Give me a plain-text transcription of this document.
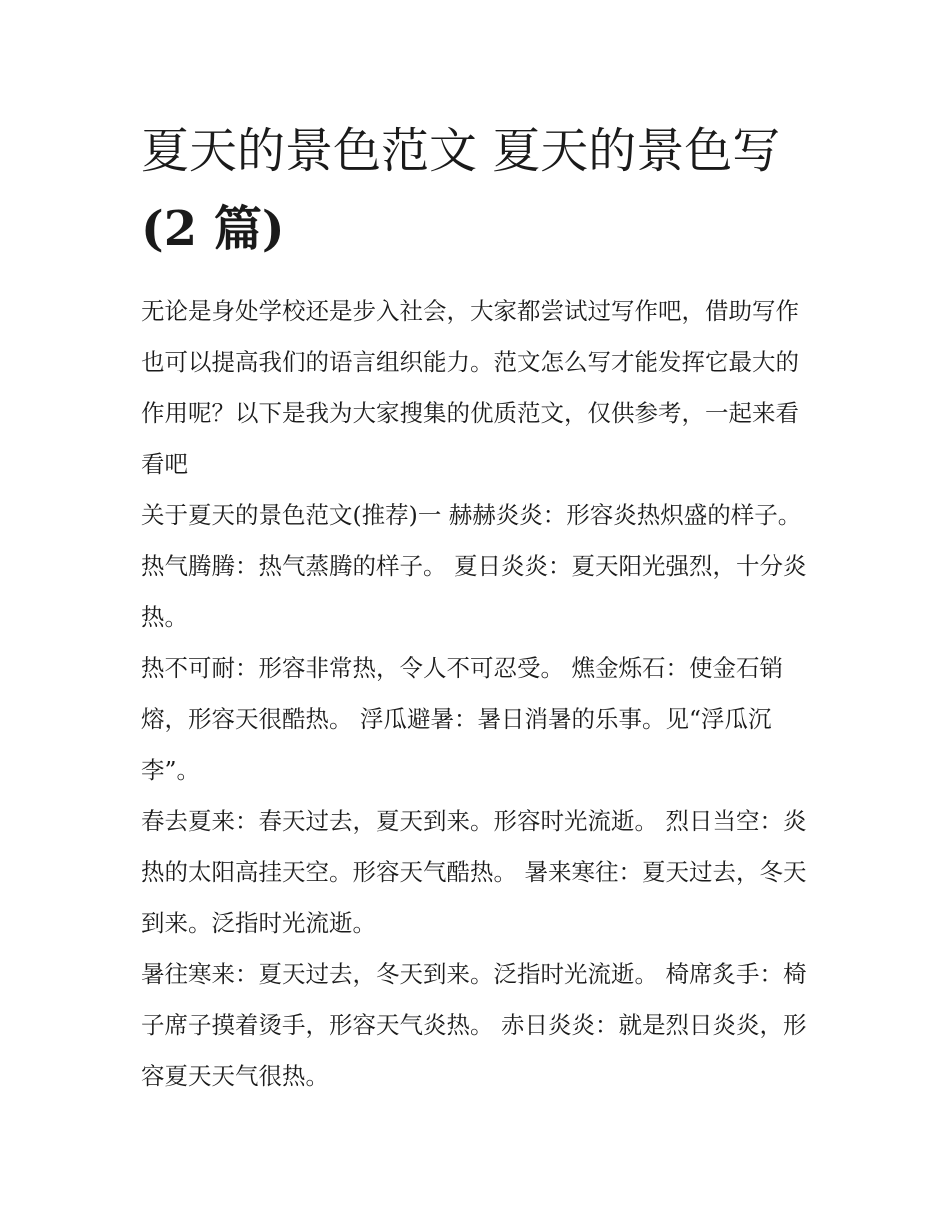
夏天的景色范文 夏天的景色写
(2 篇)

无论是身处学校还是步入社会，大家都尝试过写作吧，借助写作也可以提高我们的语言组织能力。范文怎么写才能发挥它最大的作用呢？以下是我为大家搜集的优质范文，仅供参考，一起来看看吧

关于夏天的景色范文(推荐)一 赫赫炎炎：形容炎热炽盛的样子。 热气腾腾：热气蒸腾的样子。 夏日炎炎：夏天阳光强烈，十分炎热。

热不可耐：形容非常热，令人不可忍受。 燋金烁石：使金石销熔，形容天很酷热。 浮瓜避暑：暑日消暑的乐事。见“浮瓜沉李”。

春去夏来：春天过去，夏天到来。形容时光流逝。 烈日当空：炎热的太阳高挂天空。形容天气酷热。 暑来寒往：夏天过去，冬天到来。泛指时光流逝。

暑往寒来：夏天过去，冬天到来。泛指时光流逝。 椅席炙手：椅子席子摸着烫手，形容天气炎热。 赤日炎炎：就是烈日炎炎，形容夏天天气很热。
